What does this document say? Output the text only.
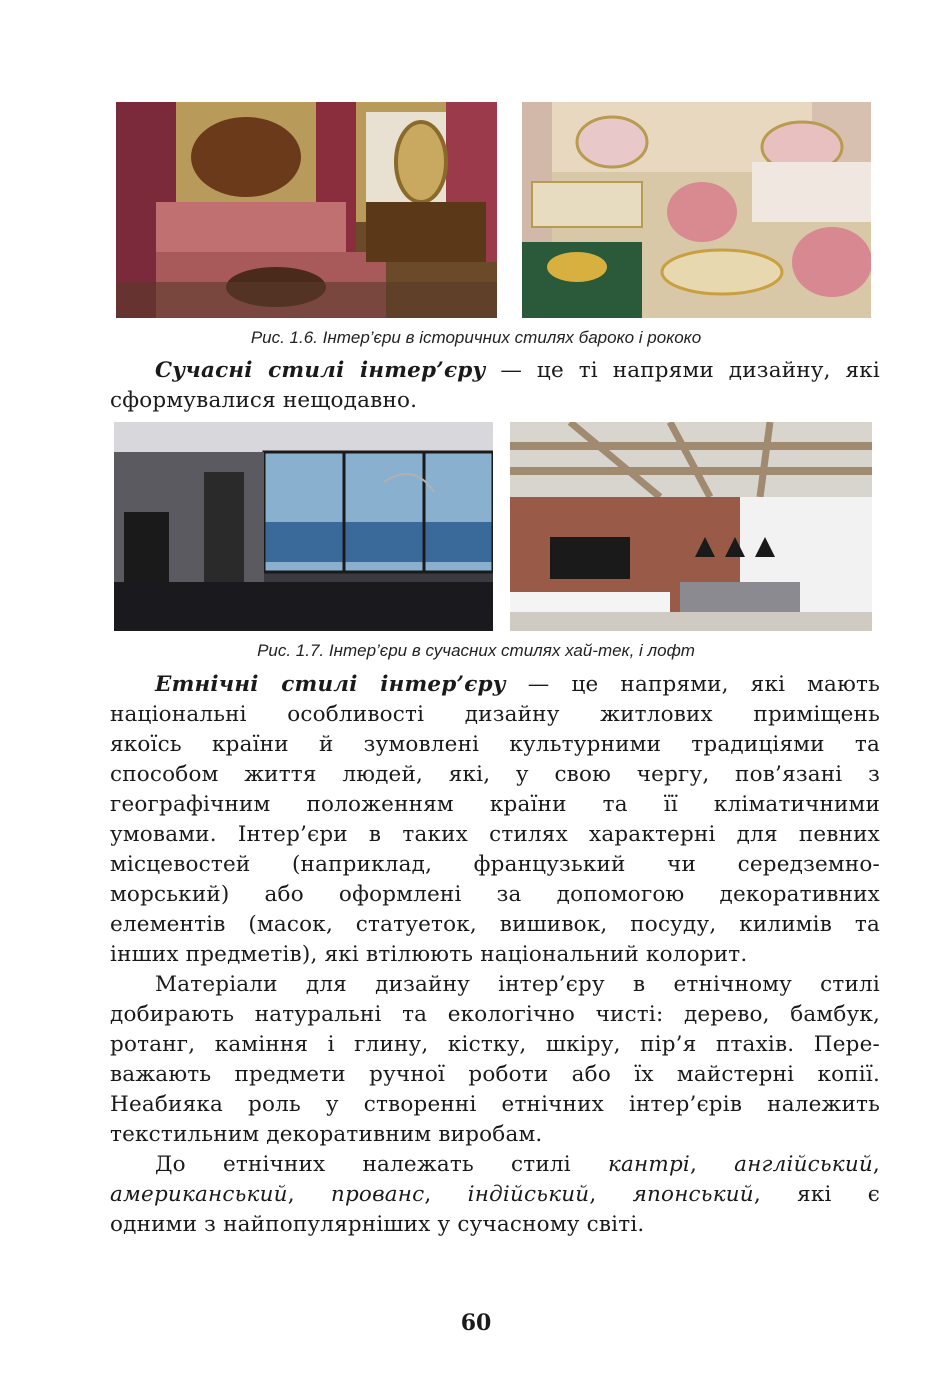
Рис. 1.6. Інтер’єри в історичних стилях бароко і рококо
Сучасні стилі інтер’єру — це ті напрями дизайну, які
сформувалися нещодавно.
Рис. 1.7. Інтер’єри в сучасних стилях хай-тек, і лофт
Етнічні стилі інтер’єру — це напрями, які мають
національні особливості дизайну житлових приміщень
якоїсь країни й зумовлені культурними традиціями та
способом життя людей, які, у свою чергу, пов’язані з
географічним положенням країни та її кліматичними
умовами. Інтер’єри в таких стилях характерні для певних
місцевостей (наприклад, французький чи середземно-
морський) або оформлені за допомогою декоративних
елементів (масок, статуеток, вишивок, посуду, килимів та
інших предметів), які втілюють національний колорит.
Матеріали для дизайну інтер’єру в етнічному стилі
добирають натуральні та екологічно чисті: дерево, бамбук,
ротанг, каміння і глину, кістку, шкіру, пір’я птахів. Пере-
важають предмети ручної роботи або їх майстерні копії.
Неабияка роль у створенні етнічних інтер’єрів належить
текстильним декоративним виробам.
До етнічних належать стилі кантрі, англійський,
американський, прованс, індійський, японський, які є
одними з найпопулярніших у сучасному світі.
60
